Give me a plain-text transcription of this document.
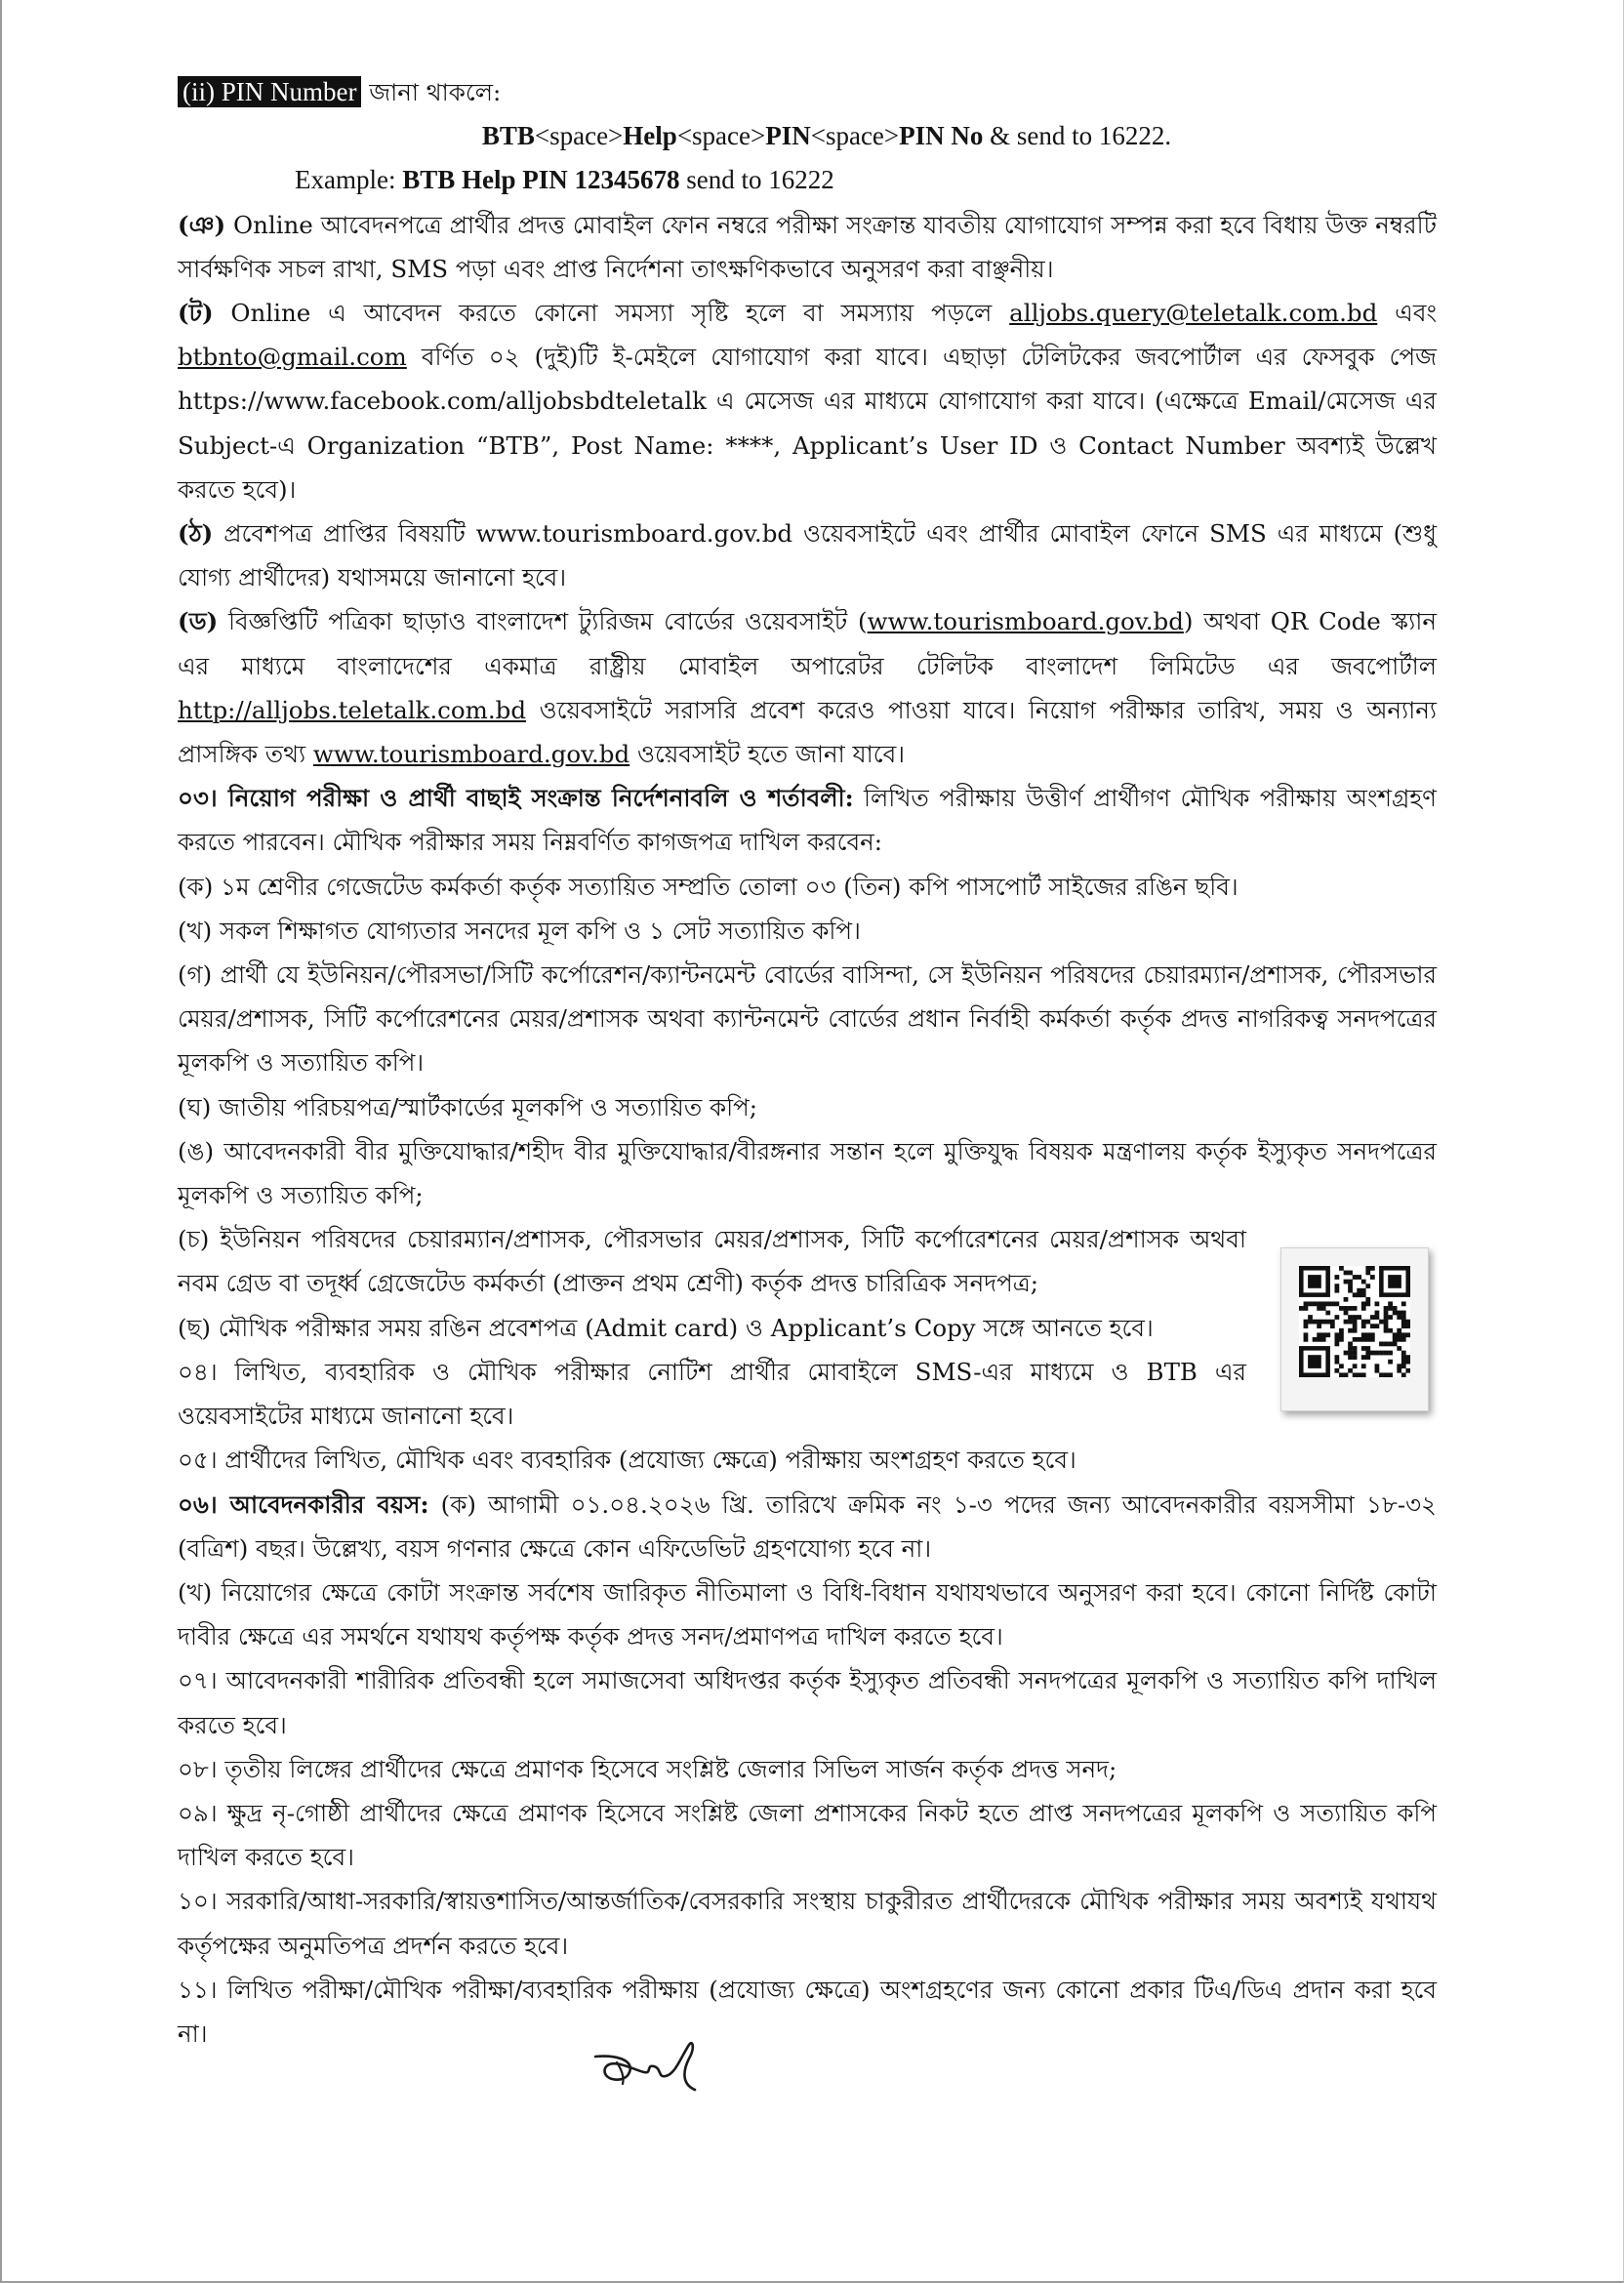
(ii) PIN Number জানা থাকলে:

BTB<space>Help<space>PIN<space>PIN No & send to 16222.

Example: BTB Help PIN 12345678 send to 16222

(ঞ) Online আবেদনপত্রে প্রার্থীর প্রদত্ত মোবাইল ফোন নম্বরে পরীক্ষা সংক্রান্ত যাবতীয় যোগাযোগ সম্পন্ন করা হবে বিধায় উক্ত নম্বরটি সার্বক্ষণিক সচল রাখা, SMS পড়া এবং প্রাপ্ত নির্দেশনা তাৎক্ষণিকভাবে অনুসরণ করা বাঞ্ছনীয়।

(ট) Online এ আবেদন করতে কোনো সমস্যা সৃষ্টি হলে বা সমস্যায় পড়লে alljobs.query@teletalk.com.bd এবং btbnto@gmail.com বর্ণিত ০২ (দুই)টি ই-মেইলে যোগাযোগ করা যাবে। এছাড়া টেলিটকের জবপোর্টাল এর ফেসবুক পেজ https://www.facebook.com/alljobsbdteletalk এ মেসেজ এর মাধ্যমে যোগাযোগ করা যাবে। (এক্ষেত্রে Email/মেসেজ এর Subject-এ Organization “BTB”, Post Name: ****, Applicant’s User ID ও Contact Number অবশ্যই উল্লেখ করতে হবে)।

(ঠ) প্রবেশপত্র প্রাপ্তির বিষয়টি www.tourismboard.gov.bd ওয়েবসাইটে এবং প্রার্থীর মোবাইল ফোনে SMS এর মাধ্যমে (শুধু যোগ্য প্রার্থীদের) যথাসময়ে জানানো হবে।

(ড) বিজ্ঞপ্তিটি পত্রিকা ছাড়াও বাংলাদেশ ট্যুরিজম বোর্ডের ওয়েবসাইট (www.tourismboard.gov.bd) অথবা QR Code স্ক্যান এর মাধ্যমে বাংলাদেশের একমাত্র রাষ্ট্রীয় মোবাইল অপারেটর টেলিটক বাংলাদেশ লিমিটেড এর জবপোর্টাল http://alljobs.teletalk.com.bd ওয়েবসাইটে সরাসরি প্রবেশ করেও পাওয়া যাবে। নিয়োগ পরীক্ষার তারিখ, সময় ও অন্যান্য প্রাসঙ্গিক তথ্য www.tourismboard.gov.bd ওয়েবসাইট হতে জানা যাবে।

০৩। নিয়োগ পরীক্ষা ও প্রার্থী বাছাই সংক্রান্ত নির্দেশনাবলি ও শর্তাবলী: লিখিত পরীক্ষায় উত্তীর্ণ প্রার্থীগণ মৌখিক পরীক্ষায় অংশগ্রহণ করতে পারবেন। মৌখিক পরীক্ষার সময় নিম্নবর্ণিত কাগজপত্র দাখিল করবেন:

(ক) ১ম শ্রেণীর গেজেটেড কর্মকর্তা কর্তৃক সত্যায়িত সম্প্রতি তোলা ০৩ (তিন) কপি পাসপোর্ট সাইজের রঙিন ছবি।

(খ) সকল শিক্ষাগত যোগ্যতার সনদের মূল কপি ও ১ সেট সত্যায়িত কপি।

(গ) প্রার্থী যে ইউনিয়ন/পৌরসভা/সিটি কর্পোরেশন/ক্যান্টনমেন্ট বোর্ডের বাসিন্দা, সে ইউনিয়ন পরিষদের চেয়ারম্যান/প্রশাসক, পৌরসভার মেয়র/প্রশাসক, সিটি কর্পোরেশনের মেয়র/প্রশাসক অথবা ক্যান্টনমেন্ট বোর্ডের প্রধান নির্বাহী কর্মকর্তা কর্তৃক প্রদত্ত নাগরিকত্ব সনদপত্রের মূলকপি ও সত্যায়িত কপি।

(ঘ) জাতীয় পরিচয়পত্র/স্মার্টকার্ডের মূলকপি ও সত্যায়িত কপি;

(ঙ) আবেদনকারী বীর মুক্তিযোদ্ধার/শহীদ বীর মুক্তিযোদ্ধার/বীরঙ্গনার সন্তান হলে মুক্তিযুদ্ধ বিষয়ক মন্ত্রণালয় কর্তৃক ইস্যুকৃত সনদপত্রের মূলকপি ও সত্যায়িত কপি;

(চ) ইউনিয়ন পরিষদের চেয়ারম্যান/প্রশাসক, পৌরসভার মেয়র/প্রশাসক, সিটি কর্পোরেশনের মেয়র/প্রশাসক অথবা নবম গ্রেড বা তদূর্ধ্ব গ্রেজেটেড কর্মকর্তা (প্রাক্তন প্রথম শ্রেণী) কর্তৃক প্রদত্ত চারিত্রিক সনদপত্র;

(ছ) মৌখিক পরীক্ষার সময় রঙিন প্রবেশপত্র (Admit card) ও Applicant’s Copy সঙ্গে আনতে হবে।

০৪। লিখিত, ব্যবহারিক ও মৌখিক পরীক্ষার নোটিশ প্রার্থীর মোবাইলে SMS-এর মাধ্যমে ও BTB এর ওয়েবসাইটের মাধ্যমে জানানো হবে।

০৫। প্রার্থীদের লিখিত, মৌখিক এবং ব্যবহারিক (প্রযোজ্য ক্ষেত্রে) পরীক্ষায় অংশগ্রহণ করতে হবে।

০৬। আবেদনকারীর বয়স: (ক) আগামী ০১.০৪.২০২৬ খ্রি. তারিখে ক্রমিক নং ১-৩ পদের জন্য আবেদনকারীর বয়সসীমা ১৮-৩২ (বত্রিশ) বছর। উল্লেখ্য, বয়স গণনার ক্ষেত্রে কোন এফিডেভিট গ্রহণযোগ্য হবে না।

(খ) নিয়োগের ক্ষেত্রে কোটা সংক্রান্ত সর্বশেষ জারিকৃত নীতিমালা ও বিধি-বিধান যথাযথভাবে অনুসরণ করা হবে। কোনো নির্দিষ্ট কোটা দাবীর ক্ষেত্রে এর সমর্থনে যথাযথ কর্তৃপক্ষ কর্তৃক প্রদত্ত সনদ/প্রমাণপত্র দাখিল করতে হবে।

০৭। আবেদনকারী শারীরিক প্রতিবন্ধী হলে সমাজসেবা অধিদপ্তর কর্তৃক ইস্যুকৃত প্রতিবন্ধী সনদপত্রের মূলকপি ও সত্যায়িত কপি দাখিল করতে হবে।

০৮। তৃতীয় লিঙ্গের প্রার্থীদের ক্ষেত্রে প্রমাণক হিসেবে সংশ্লিষ্ট জেলার সিভিল সার্জন কর্তৃক প্রদত্ত সনদ;

০৯। ক্ষুদ্র নৃ-গোষ্ঠী প্রার্থীদের ক্ষেত্রে প্রমাণক হিসেবে সংশ্লিষ্ট জেলা প্রশাসকের নিকট হতে প্রাপ্ত সনদপত্রের মূলকপি ও সত্যায়িত কপি দাখিল করতে হবে।

১০। সরকারি/আধা-সরকারি/স্বায়ত্তশাসিত/আন্তর্জাতিক/বেসরকারি সংস্থায় চাকুরীরত প্রার্থীদেরকে মৌখিক পরীক্ষার সময় অবশ্যই যথাযথ কর্তৃপক্ষের অনুমতিপত্র প্রদর্শন করতে হবে।

১১। লিখিত পরীক্ষা/মৌখিক পরীক্ষা/ব্যবহারিক পরীক্ষায় (প্রযোজ্য ক্ষেত্রে) অংশগ্রহণের জন্য কোনো প্রকার টিএ/ডিএ প্রদান করা হবে না।
